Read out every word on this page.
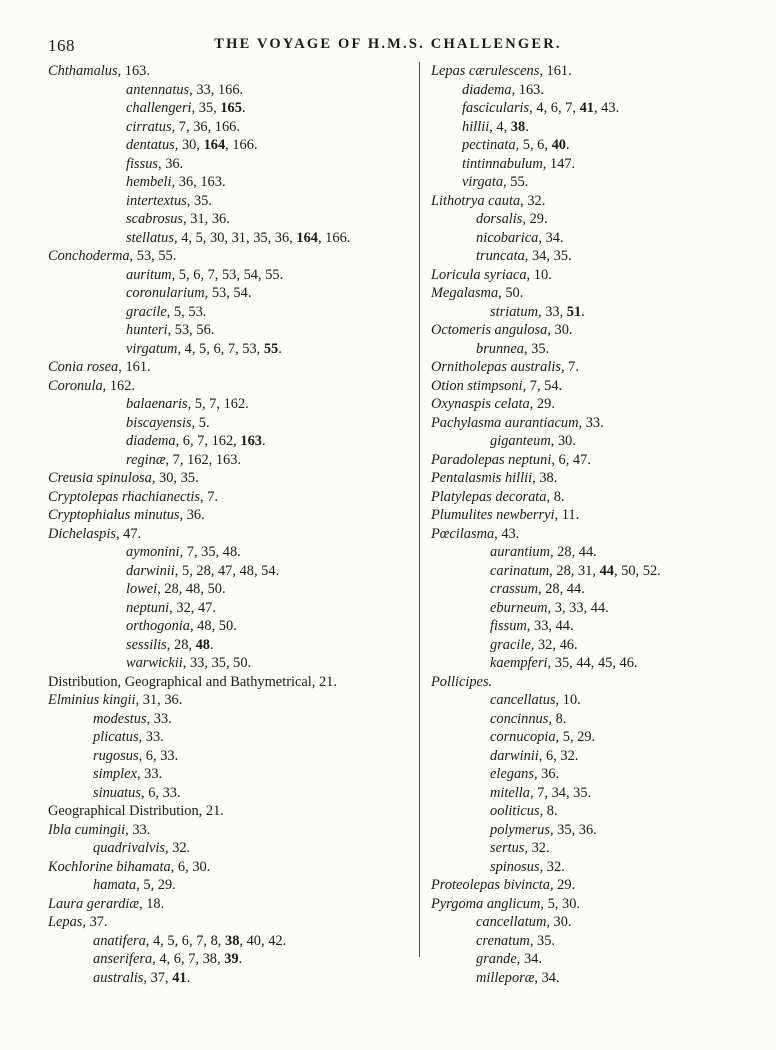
168	THE VOYAGE OF H.M.S. CHALLENGER.
Chthamalus, 163.
antennatus, 33, 166.
challengeri, 35, 165.
cirratus, 7, 36, 166.
dentatus, 30, 164, 166.
fissus, 36.
hembeli, 36, 163.
intertextus, 35.
scabrosus, 31, 36.
stellatus, 4, 5, 30, 31, 35, 36, 164, 166.
Conchoderma, 53, 55.
auritum, 5, 6, 7, 53, 54, 55.
coronularium, 53, 54.
gracile, 5, 53.
hunteri, 53, 56.
virgatum, 4, 5, 6, 7, 53, 55.
Conia rosea, 161.
Coronula, 162.
balaenaris, 5, 7, 162.
biscayensis, 5.
diadema, 6, 7, 162, 163.
reginæ, 7, 162, 163.
Creusia spinulosa, 30, 35.
Cryptolepas rhachianectis, 7.
Cryptophialus minutus, 36.
Dichelaspis, 47.
aymonini, 7, 35, 48.
darwinii, 5, 28, 47, 48, 54.
lowei, 28, 48, 50.
neptuni, 32, 47.
orthogonia, 48, 50.
sessilis, 28, 48.
warwickii, 33, 35, 50.
Distribution, Geographical and Bathymetrical, 21.
Elminius kingii, 31, 36.
modestus, 33.
plicatus, 33.
rugosus, 6, 33.
simplex, 33.
sinuatus, 6, 33.
Geographical Distribution, 21.
Ibla cumingii, 33.
quadrivalvis, 32.
Kochlorine bihamata, 6, 30.
hamata, 5, 29.
Laura gerardiæ, 18.
Lepas, 37.
anatifera, 4, 5, 6, 7, 8, 38, 40, 42.
anserifera, 4, 6, 7, 38, 39.
australis, 37, 41.
Lepas cærulescens, 161.
diadema, 163.
fascicularis, 4, 6, 7, 41, 43.
hillii, 4, 38.
pectinata, 5, 6, 40.
tintinnabulum, 147.
virgata, 55.
Lithotrya cauta, 32.
dorsalis, 29.
nicobarica, 34.
truncata, 34, 35.
Loricula syriaca, 10.
Megalasma, 50.
striatum, 33, 51.
Octomeris angulosa, 30.
brunnea, 35.
Ornitholepas australis, 7.
Otion stimpsoni, 7, 54.
Oxynaspis celata, 29.
Pachylasma aurantiacum, 33.
giganteum, 30.
Paradolepas neptuni, 6, 47.
Pentalasmis hillii, 38.
Platylepas decorata, 8.
Plumulites newberryi, 11.
Pœcilasma, 43.
aurantium, 28, 44.
carinatum, 28, 31, 44, 50, 52.
crassum, 28, 44.
eburneum, 3, 33, 44.
fissum, 33, 44.
gracile, 32, 46.
kaempferi, 35, 44, 45, 46.
Pollicipes.
cancellatus, 10.
concinnus, 8.
cornucopia, 5, 29.
darwinii, 6, 32.
elegans, 36.
mitella, 7, 34, 35.
ooliticus, 8.
polymerus, 35, 36.
sertus, 32.
spinosus, 32.
Proteolepas bivincta, 29.
Pyrgoma anglicum, 5, 30.
cancellatum, 30.
crenatum, 35.
grande, 34.
milleporæ, 34.
